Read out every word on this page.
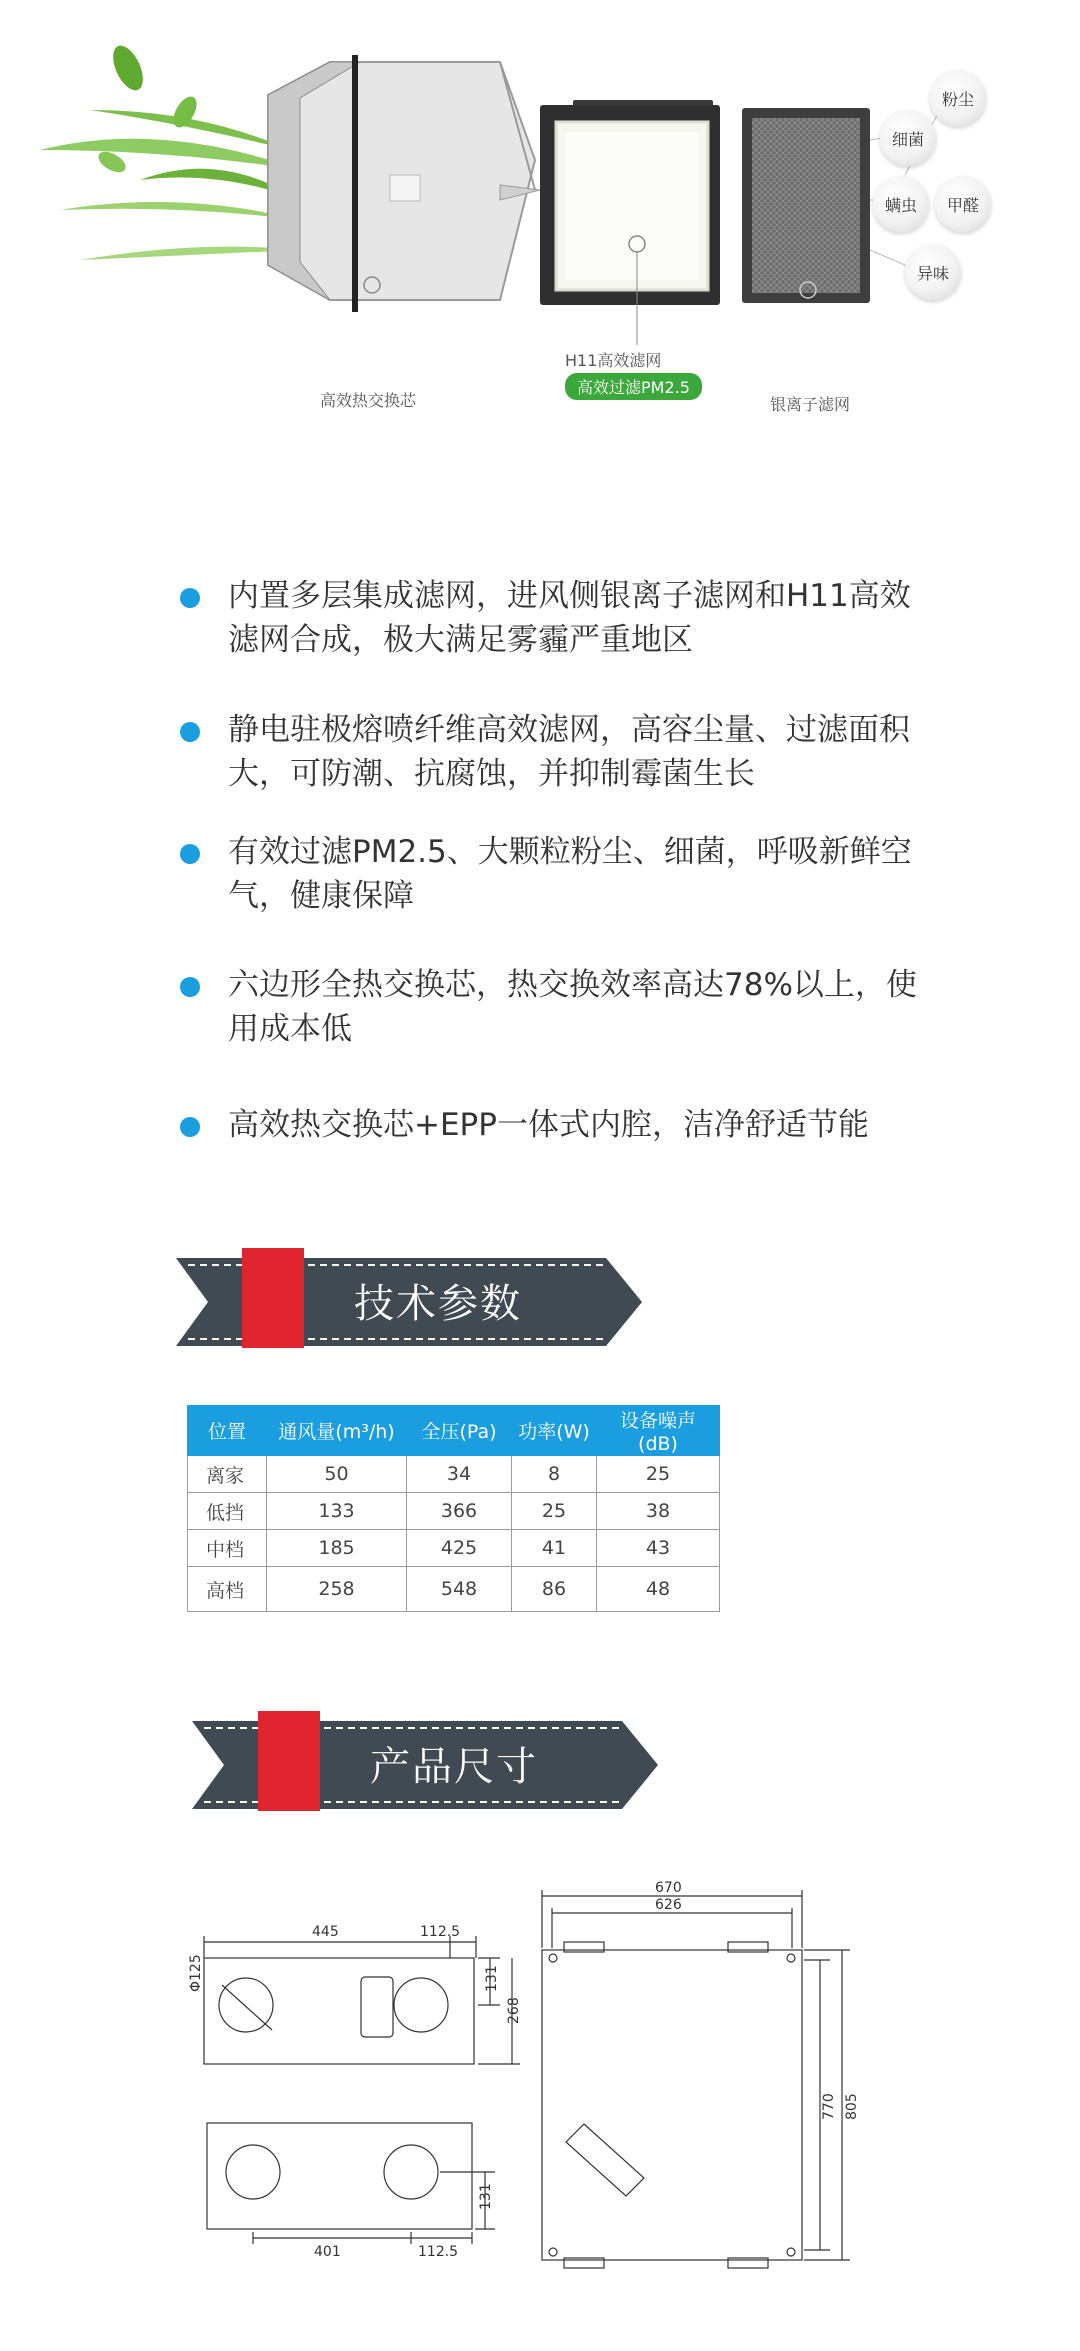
高效热交换芯
H11高效滤网
高效过滤PM2.5
银离子滤网
粉尘
细菌
螨虫	甲醛
异味
内置多层集成滤网，进风侧银离子滤网和H11高效滤网合成，极大满足雾霾严重地区
静电驻极熔喷纤维高效滤网，高容尘量、过滤面积大，可防潮、抗腐蚀，并抑制霉菌生长
有效过滤PM2.5、大颗粒粉尘、细菌，呼吸新鲜空气，健康保障
六边形全热交换芯，热交换效率高达78%以上，使用成本低
高效热交换芯+EPP一体式内腔，洁净舒适节能
技术参数
位置	通风量(m³/h)	全压(Pa)	功率(W)	设备噪声(dB)
离家	50	34	8	25
低挡	133	366	25	38
中档	185	425	41	43
高档	258	548	86	48
产品尺寸
445	112.5
131
268
Φ125
401	112.5
131
670
626
770 805
